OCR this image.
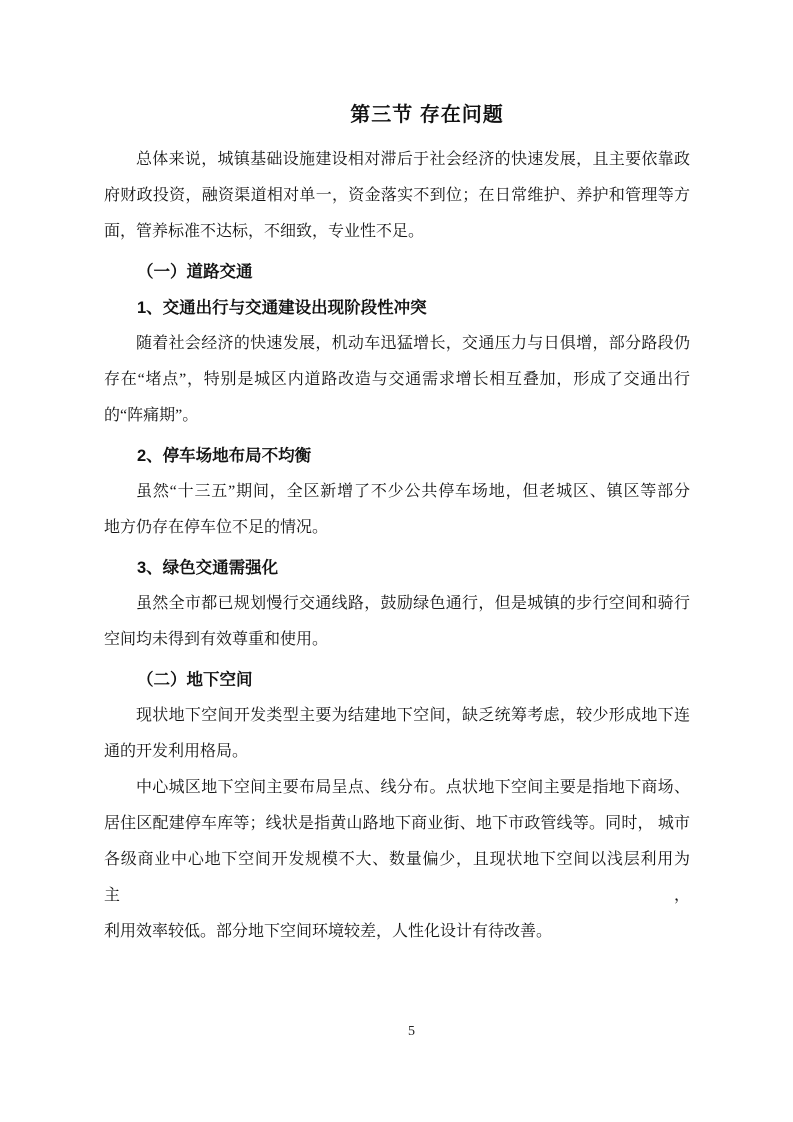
第三节 存在问题
总体来说，城镇基础设施建设相对滞后于社会经济的快速发展，且主要依靠政
府财政投资，融资渠道相对单一，资金落实不到位；在日常维护、养护和管理等方
面，管养标准不达标，不细致，专业性不足。
（一）道路交通
1、交通出行与交通建设出现阶段性冲突
随着社会经济的快速发展，机动车迅猛增长，交通压力与日俱增，部分路段仍
存在“堵点”，特别是城区内道路改造与交通需求增长相互叠加，形成了交通出行
的“阵痛期”。
2、停车场地布局不均衡
虽然“十三五”期间，全区新增了不少公共停车场地，但老城区、镇区等部分
地方仍存在停车位不足的情况。
3、绿色交通需强化
虽然全市都已规划慢行交通线路，鼓励绿色通行，但是城镇的步行空间和骑行
空间均未得到有效尊重和使用。
（二）地下空间
现状地下空间开发类型主要为结建地下空间，缺乏统筹考虑，较少形成地下连
通的开发利用格局。
中心城区地下空间主要布局呈点、线分布。点状地下空间主要是指地下商场、
居住区配建停车库等；线状是指黄山路地下商业街、地下市政管线等。同时， 城市
各级商业中心地下空间开发规模不大、数量偏少，且现状地下空间以浅层利用为主，
利用效率较低。部分地下空间环境较差，人性化设计有待改善。
5
